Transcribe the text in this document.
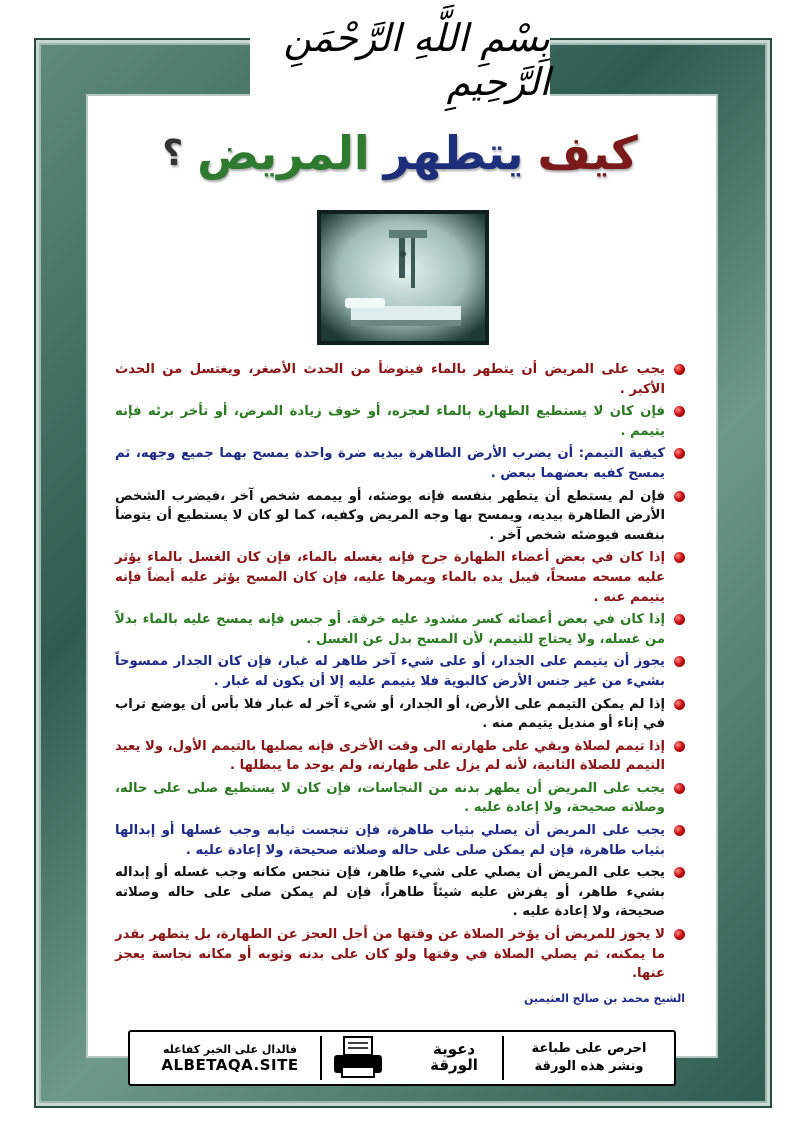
بِسْمِ اللَّهِ الرَّحْمَنِ الرَّحِيمِ
كيف
يتطهر
المريض
؟
يجب على المريض أن يتطهر بالماء فيتوضأ من الحدث الأصغر، ويغتسل من الحدث الأكبر .
فإن كان لا يستطيع الطهارة بالماء لعجزه، أو خوف زيادة المرض، أو تأخر برئه فإنه يتيمم .
كيفية التيمم: أن يضرب الأرض الطاهرة بيديه ضرة واحدة يمسح بهما جميع وجهه، ثم يمسح كفيه بعضهما ببعض .
فإن لم يستطع أن يتطهر بنفسه فإنه يوضئه، أو ييممه شخص آخر ،فيضرب الشخص الأرض الطاهرة بيديه، ويمسح بها وجه المريض وكفيه، كما لو كان لا يستطيع أن يتوضأ بنفسه فيوضئه شخص آخر .
إذا كان في بعض أعضاء الطهارة جرح فإنه يغسله بالماء، فإن كان الغسل بالماء يؤثر عليه مسحه مسحاً، فيبل يده بالماء ويمرها عليه، فإن كان المسح يؤثر عليه أيضاً فإنه يتيمم عنه .
إذا كان في بعض أعضائه كسر مشدود عليه خرقة. أو جبس فإنه يمسح عليه بالماء بدلاً من غسله، ولا يحتاج للتيمم، لأن المسح بدل عن الغسل .
يجوز أن يتيمم على الجدار، أو على شيء آخر طاهر له غبار، فإن كان الجدار ممسوحاً بشيء من غير جنس الأرض كالبوية فلا يتيمم عليه إلا أن يكون له غبار .
إذا لم يمكن التيمم على الأرض، أو الجدار، أو شيء آخر له غبار فلا بأس أن يوضع تراب في إناء أو منديل يتيمم منه .
إذا تيمم لصلاة وبقي على طهارته الى وقت الأخرى فإنه يصليها بالتيمم الأول، ولا يعيد التيمم للصلاة الثانية، لأنه لم يزل على طهارته، ولم يوجد ما يبطلها .
يجب على المريض أن يطهر بدنه من النجاسات، فإن كان لا يستطيع صلى على حاله، وصلاته صحيحة، ولا إعادة عليه .
يجب على المريض أن يصلي بثياب طاهرة، فإن تنجست ثيابه وجب غسلها أو إبدالها بثياب طاهرة، فإن لم يمكن صلى على حاله وصلاته صحيحة، ولا إعادة عليه .
يجب على المريض أن يصلي على شيء طاهر، فإن تنجس مكانه وجب غسله أو إبداله بشيء طاهر، أو يفرش عليه شيئاً طاهراً، فإن لم يمكن صلى على حاله وصلاته صحيحة، ولا إعادة عليه .
لا يجوز للمريض أن يؤخر الصلاة عن وقتها من أجل العجز عن الطهارة، بل يتطهر بقدر ما يمكنه، ثم يصلي الصلاة في وقتها ولو كان على بدنه وثوبه أو مكانه نجاسة يعجز عنها.
الشيخ محمد بن صالح العثيمين
احرص على طباعة
ونشر هذه الورقة
دعوية
الورقة
فالدال على الخير كفاعله
ALBETAQA.SITE
